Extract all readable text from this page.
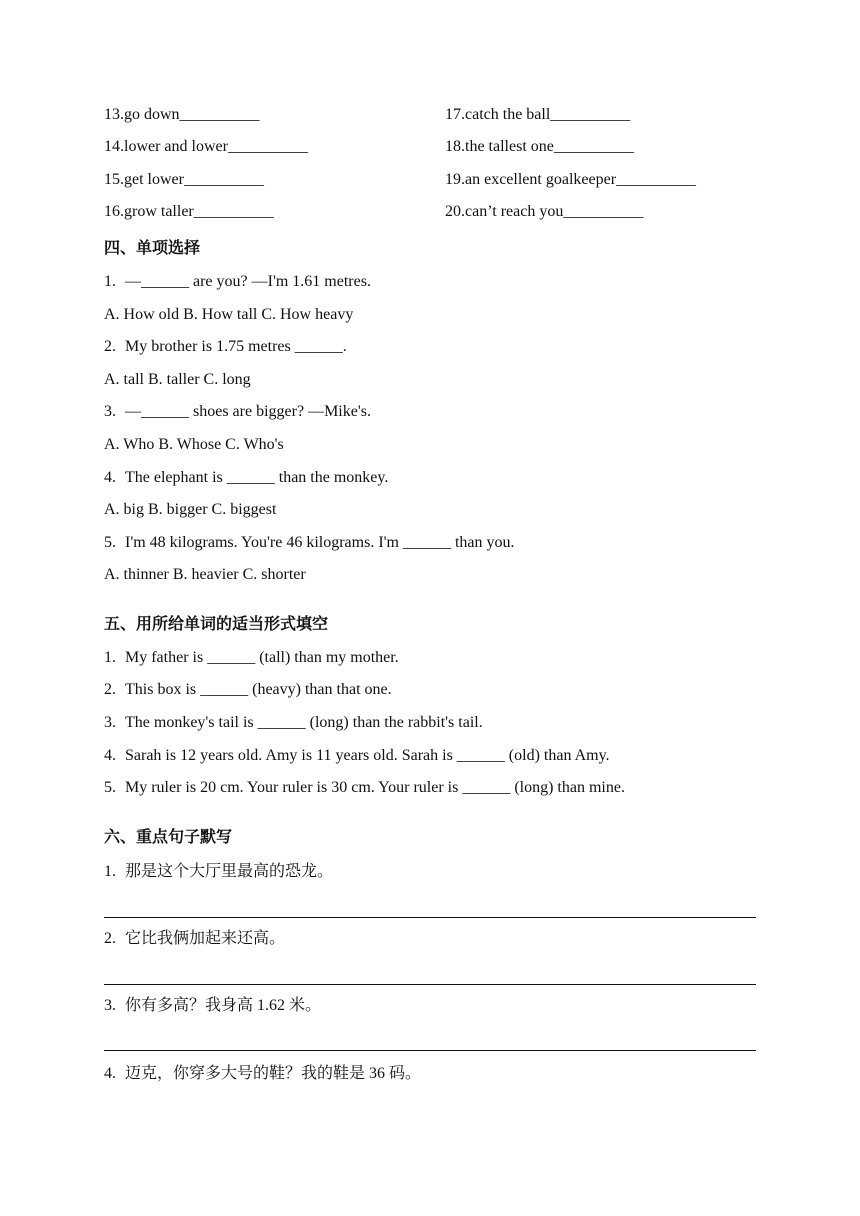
13.go down__________
14.lower and lower__________
15.get lower__________
16.grow taller__________
17.catch the ball__________
18.the tallest one__________
19.an excellent goalkeeper__________
20.can’t reach you__________
四、单项选择
1. —______ are you? —I'm 1.61 metres.
A. How old B. How tall C. How heavy
2. My brother is 1.75 metres ______.
A. tall B. taller C. long
3. —______ shoes are bigger? —Mike's.
A. Who B. Whose C. Who's
4. The elephant is ______ than the monkey.
A. big B. bigger C. biggest
5. I'm 48 kilograms. You're 46 kilograms. I'm ______ than you.
A. thinner B. heavier C. shorter
五、用所给单词的适当形式填空
1. My father is ______ (tall) than my mother.
2. This box is ______ (heavy) than that one.
3. The monkey's tail is ______ (long) than the rabbit's tail.
4. Sarah is 12 years old. Amy is 11 years old. Sarah is ______ (old) than Amy.
5. My ruler is 20 cm. Your ruler is 30 cm. Your ruler is ______ (long) than mine.
六、重点句子默写
1. 那是这个大厅里最高的恐龙。
2. 它比我俩加起来还高。
3. 你有多高？我身高 1.62 米。
4. 迈克，你穿多大号的鞋？我的鞋是 36 码。
